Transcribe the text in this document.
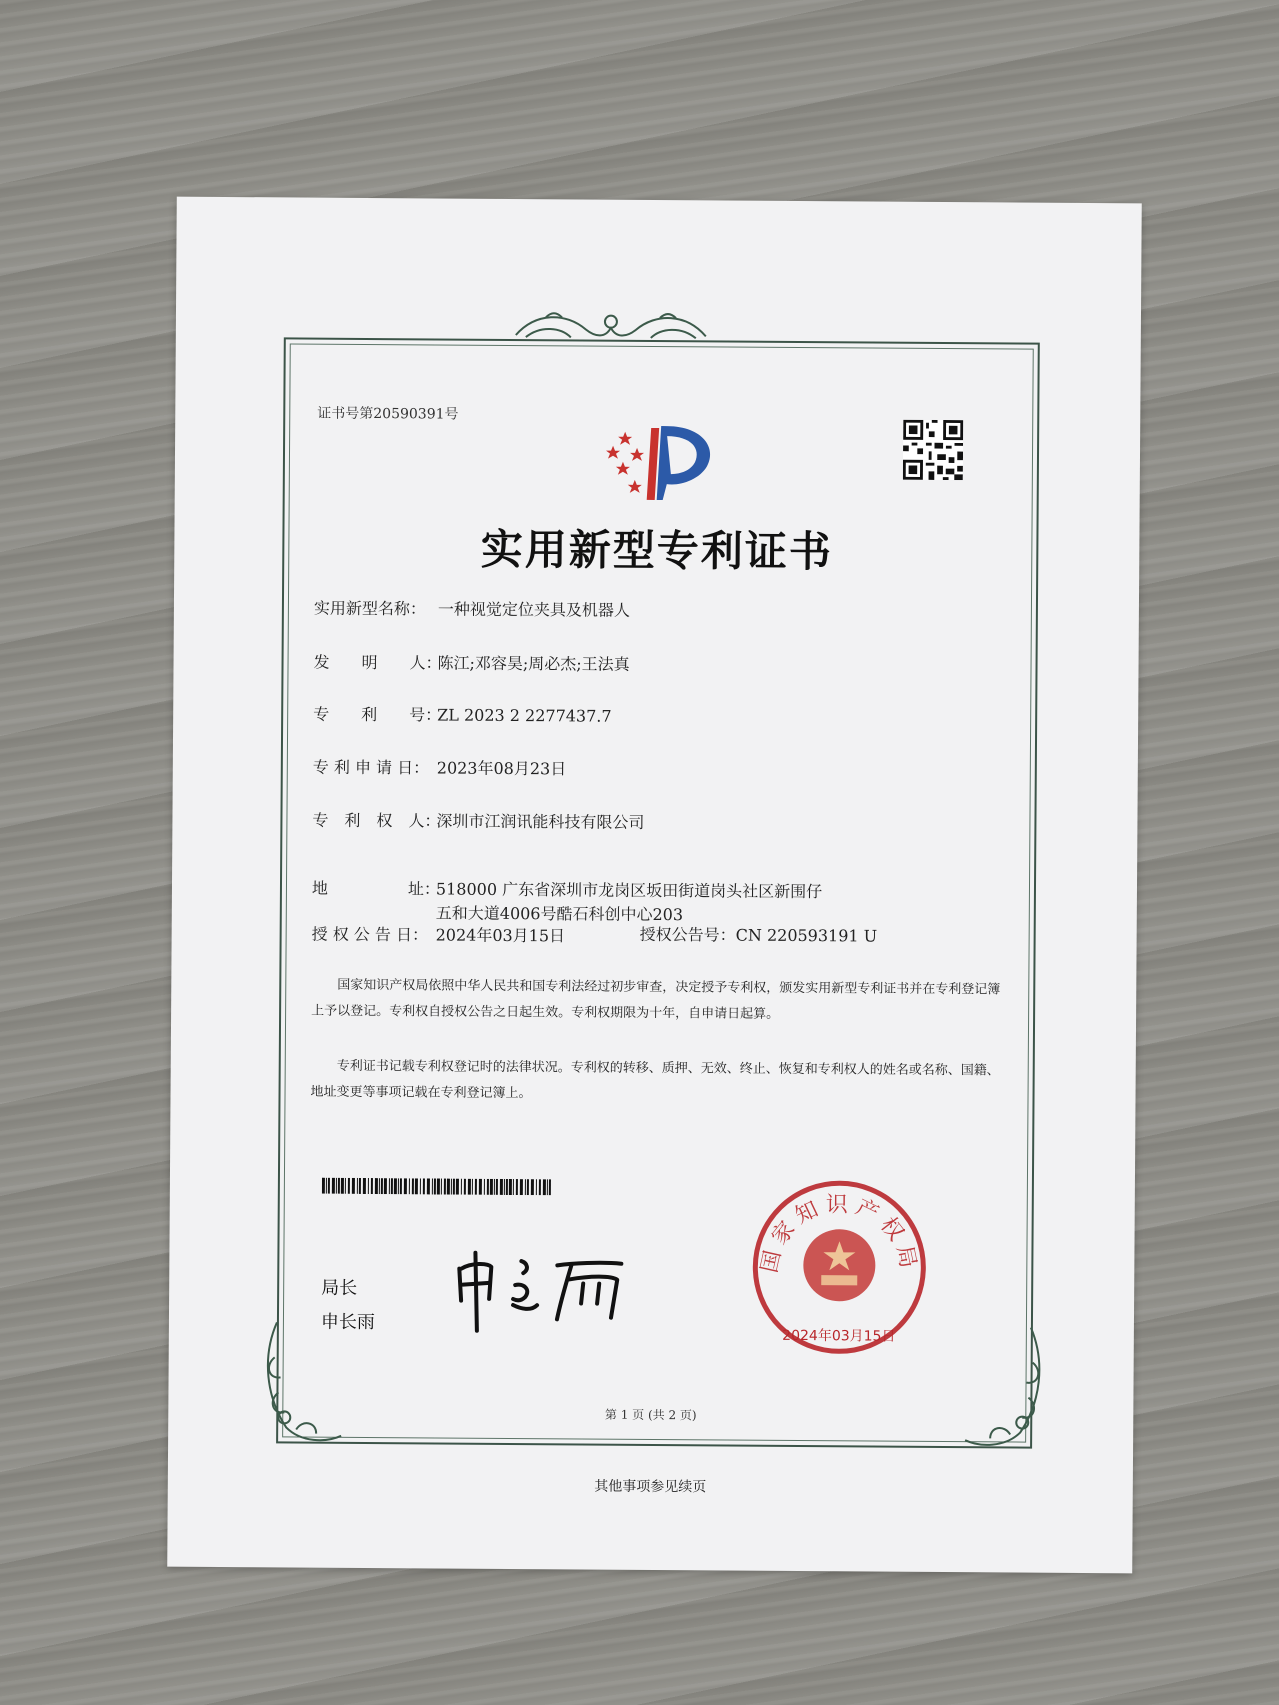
证书号第20590391号
实用新型专利证书
实用新型名称： 一种视觉定位夹具及机器人
发　　明　　人：陈江;邓容昊;周必杰;王法真
专　　利　　号：ZL 2023 2 2277437.7
专 利 申 请 日： 2023年08月23日
专　利　权　人：深圳市江润讯能科技有限公司
地　　　　　址：518000 广东省深圳市龙岗区坂田街道岗头社区新围仔
五和大道4006号酷石科创中心203
授 权 公 告 日： 2024年03月15日	授权公告号：CN 220593191 U
国家知识产权局依照中华人民共和国专利法经过初步审查，决定授予专利权，颁发实用新型专利证书并在专利登记簿上予以登记。专利权自授权公告之日起生效。专利权期限为十年，自申请日起算。
专利证书记载专利权登记时的法律状况。专利权的转移、质押、无效、终止、恢复和专利权人的姓名或名称、国籍、地址变更等事项记载在专利登记簿上。
局长
申长雨
国家知识产权局
2024年03月15日
第 1 页 (共 2 页)
其他事项参见续页
